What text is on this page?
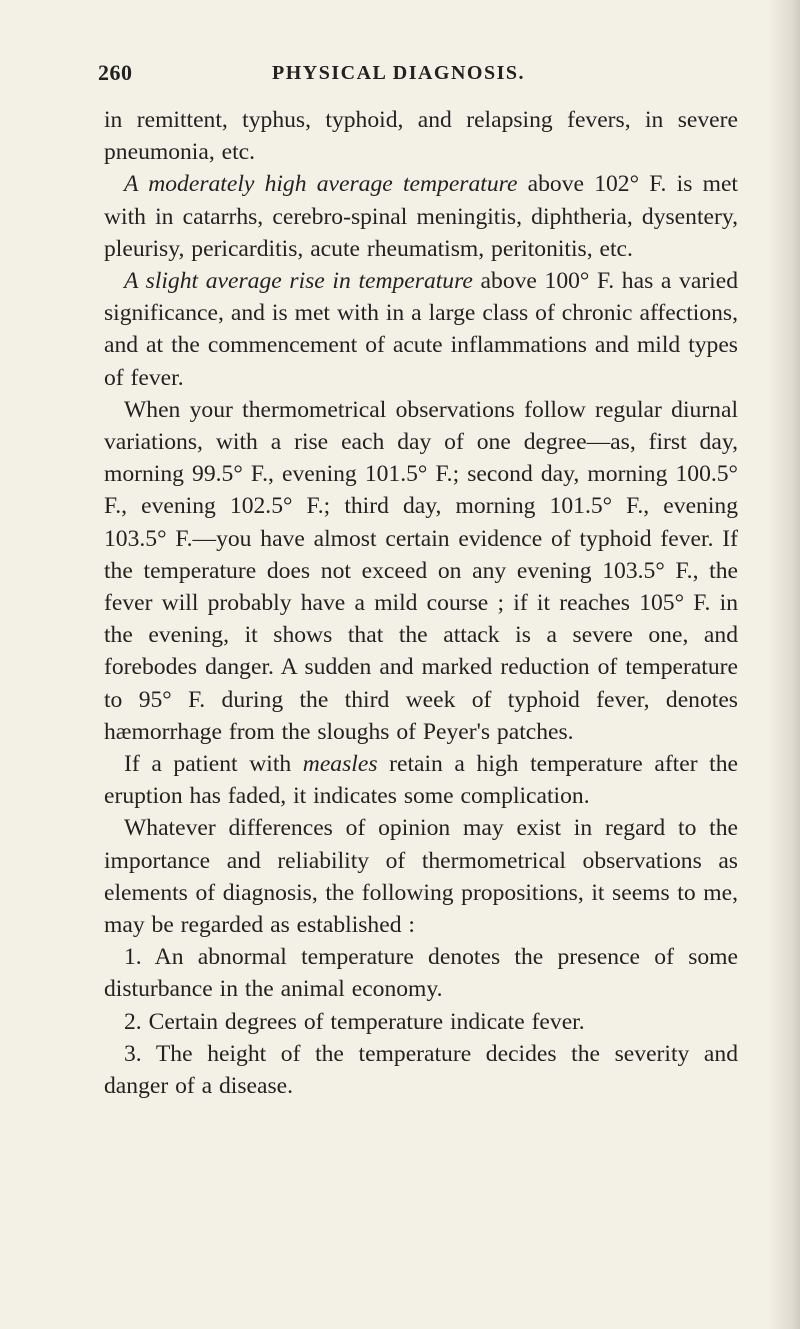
260	PHYSICAL DIAGNOSIS.

in remittent, typhus, typhoid, and relapsing fevers, in severe pneumonia, etc.

A moderately high average temperature above 102° F. is met with in catarrhs, cerebro-spinal meningitis, diphtheria, dysentery, pleurisy, pericarditis, acute rheumatism, peritonitis, etc.

A slight average rise in temperature above 100° F. has a varied significance, and is met with in a large class of chronic affections, and at the commencement of acute inflammations and mild types of fever.

When your thermometrical observations follow regular diurnal variations, with a rise each day of one degree—as, first day, morning 99.5° F., evening 101.5° F.; second day, morning 100.5° F., evening 102.5° F.; third day, morning 101.5° F., evening 103.5° F.—you have almost certain evidence of typhoid fever. If the temperature does not exceed on any evening 103.5° F., the fever will probably have a mild course ; if it reaches 105° F. in the evening, it shows that the attack is a severe one, and forebodes danger. A sudden and marked reduction of temperature to 95° F. during the third week of typhoid fever, denotes hæmorrhage from the sloughs of Peyer's patches.

If a patient with measles retain a high temperature after the eruption has faded, it indicates some complication.

Whatever differences of opinion may exist in regard to the importance and reliability of thermometrical observations as elements of diagnosis, the following propositions, it seems to me, may be regarded as established :

1. An abnormal temperature denotes the presence of some disturbance in the animal economy.

2. Certain degrees of temperature indicate fever.

3. The height of the temperature decides the severity and danger of a disease.
